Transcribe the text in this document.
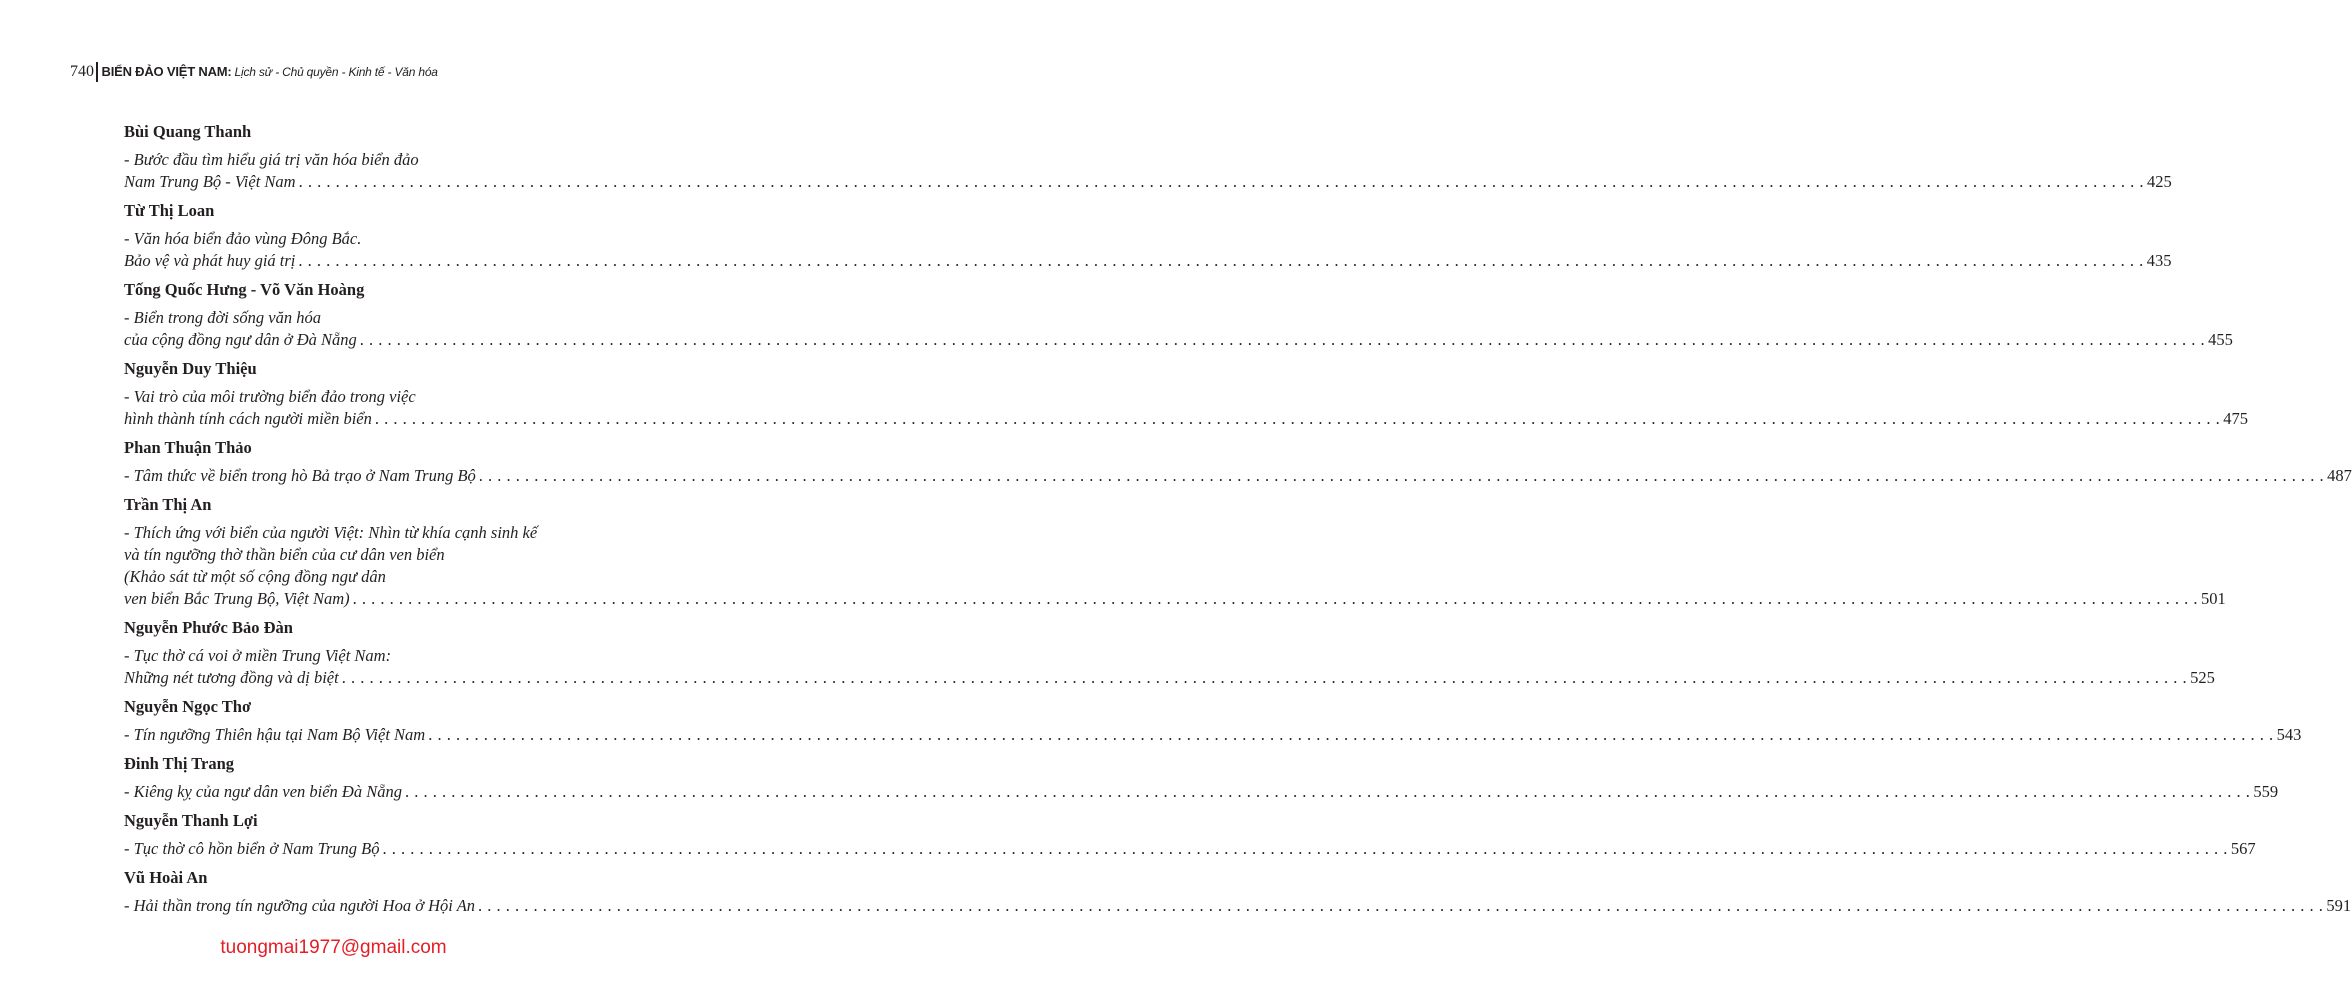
740 BIỂN ĐẢO VIỆT NAM: Lịch sử - Chủ quyền - Kinh tế - Văn hóa
Bùi Quang Thanh
- Bước đầu tìm hiểu giá trị văn hóa biển đảo
Nam Trung Bộ - Việt Nam . . . . . . . . . . . . . . . . . . . . . . . . . . . . . . . . . . . . . . . . . . . . . . . . . . . . . . . . . . . . . . . . . . . . . . . . . . . . . . . . . . . . . . . . . . . . . . . . . . . . . . . . . . . . . . . . . . . . . . . . . . . . . . . . . . . . . . . . . . . . . . . . . . . . . . . . . . . . . . . . . . . . . . . . . . . . . . . . . . . . . . . . . . . . . . . . . . . . . . . . 425
Từ Thị Loan
- Văn hóa biển đảo vùng Đông Bắc.
Bảo vệ và phát huy giá trị . . . . . . . . . . . . . . . . . . . . . . . . . . . . . . . . . . . . . . . . . . . . . . . . . . . . . . . . . . . . . . . . . . . . . . . . . . . . . . . . . . . . . . . . . . . . . . . . . . . . . . . . . . . . . . . . . . . . . . . . . . . . . . . . . . . . . . . . . . . . . . . . . . . . . . . . . . . . . . . . . . . . . . . . . . . . . . . . . . . . . . . . . . . . . . . . . . . . . . . . 435
Tống Quốc Hưng - Võ Văn Hoàng
- Biển trong đời sống văn hóa
của cộng đồng ngư dân ở Đà Nẵng . . . . . . . . . . . . . . . . . . . . . . . . . . . . . . . . . . . . . . . . . . . . . . . . . . . . . . . . . . . . . . . . . . . . . . . . . . . . . . . . . . . . . . . . . . . . . . . . . . . . . . . . . . . . . . . . . . . . . . . . . . . . . . . . . . . . . . . . . . . . . . . . . . . . . . . . . . . . . . . . . . . . . . . . . . . . . . . . . . . . . . . . . . . . . . . . . . . . . . . . 455
Nguyễn Duy Thiệu
- Vai trò của môi trường biển đảo trong việc
hình thành tính cách người miền biển . . . . . . . . . . . . . . . . . . . . . . . . . . . . . . . . . . . . . . . . . . . . . . . . . . . . . . . . . . . . . . . . . . . . . . . . . . . . . . . . . . . . . . . . . . . . . . . . . . . . . . . . . . . . . . . . . . . . . . . . . . . . . . . . . . . . . . . . . . . . . . . . . . . . . . . . . . . . . . . . . . . . . . . . . . . . . . . . . . . . . . . . . . . . . . . . . . . . . . . . 475
Phan Thuận Thảo
- Tâm thức về biển trong hò Bả trạo ở Nam Trung Bộ . . . . . . . . . . . . . . . . . . . . . . . . . . . . . . . . . . . . . . . . . . . . . . . . . . . . . . . . . . . . . . . . . . . . . . . . . . . . . . . . . . . . . . . . . . . . . . . . . . . . . . . . . . . . . . . . . . . . . . . . . . . . . . . . . . . . . . . . . . . . . . . . . . . . . . . . . . . . . . . . . . . . . . . . . . . . . . . . . . . . . . . . . . . . . . . . . . . . . . . . 487
Trần Thị An
- Thích ứng với biển của người Việt: Nhìn từ khía cạnh sinh kế
và tín ngưỡng thờ thần biển của cư dân ven biển
(Khảo sát từ một số cộng đồng ngư dân
ven biển Bắc Trung Bộ, Việt Nam) . . . . . . . . . . . . . . . . . . . . . . . . . . . . . . . . . . . . . . . . . . . . . . . . . . . . . . . . . . . . . . . . . . . . . . . . . . . . . . . . . . . . . . . . . . . . . . . . . . . . . . . . . . . . . . . . . . . . . . . . . . . . . . . . . . . . . . . . . . . . . . . . . . . . . . . . . . . . . . . . . . . . . . . . . . . . . . . . . . . . . . . . . . . . . . . . . . . . . . . . 501
Nguyễn Phước Bảo Đàn
- Tục thờ cá voi ở miền Trung Việt Nam:
Những nét tương đồng và dị biệt . . . . . . . . . . . . . . . . . . . . . . . . . . . . . . . . . . . . . . . . . . . . . . . . . . . . . . . . . . . . . . . . . . . . . . . . . . . . . . . . . . . . . . . . . . . . . . . . . . . . . . . . . . . . . . . . . . . . . . . . . . . . . . . . . . . . . . . . . . . . . . . . . . . . . . . . . . . . . . . . . . . . . . . . . . . . . . . . . . . . . . . . . . . . . . . . . . . . . . . . 525
Nguyễn Ngọc Thơ
- Tín ngưỡng Thiên hậu tại Nam Bộ Việt Nam . . . . . . . . . . . . . . . . . . . . . . . . . . . . . . . . . . . . . . . . . . . . . . . . . . . . . . . . . . . . . . . . . . . . . . . . . . . . . . . . . . . . . . . . . . . . . . . . . . . . . . . . . . . . . . . . . . . . . . . . . . . . . . . . . . . . . . . . . . . . . . . . . . . . . . . . . . . . . . . . . . . . . . . . . . . . . . . . . . . . . . . . . . . . . . . . . . . . . . . . 543
Đinh Thị Trang
- Kiêng kỵ của ngư dân ven biển Đà Nẵng . . . . . . . . . . . . . . . . . . . . . . . . . . . . . . . . . . . . . . . . . . . . . . . . . . . . . . . . . . . . . . . . . . . . . . . . . . . . . . . . . . . . . . . . . . . . . . . . . . . . . . . . . . . . . . . . . . . . . . . . . . . . . . . . . . . . . . . . . . . . . . . . . . . . . . . . . . . . . . . . . . . . . . . . . . . . . . . . . . . . . . . . . . . . . . . . . . . . . . . . 559
Nguyễn Thanh Lợi
- Tục thờ cô hồn biển ở Nam Trung Bộ . . . . . . . . . . . . . . . . . . . . . . . . . . . . . . . . . . . . . . . . . . . . . . . . . . . . . . . . . . . . . . . . . . . . . . . . . . . . . . . . . . . . . . . . . . . . . . . . . . . . . . . . . . . . . . . . . . . . . . . . . . . . . . . . . . . . . . . . . . . . . . . . . . . . . . . . . . . . . . . . . . . . . . . . . . . . . . . . . . . . . . . . . . . . . . . . . . . . . . . . 567
Vũ Hoài An
- Hải thần trong tín ngưỡng của người Hoa ở Hội An . . . . . . . . . . . . . . . . . . . . . . . . . . . . . . . . . . . . . . . . . . . . . . . . . . . . . . . . . . . . . . . . . . . . . . . . . . . . . . . . . . . . . . . . . . . . . . . . . . . . . . . . . . . . . . . . . . . . . . . . . . . . . . . . . . . . . . . . . . . . . . . . . . . . . . . . . . . . . . . . . . . . . . . . . . . . . . . . . . . . . . . . . . . . . . . . . . . . . . . . 591
tuongmai1977@gmail.com
